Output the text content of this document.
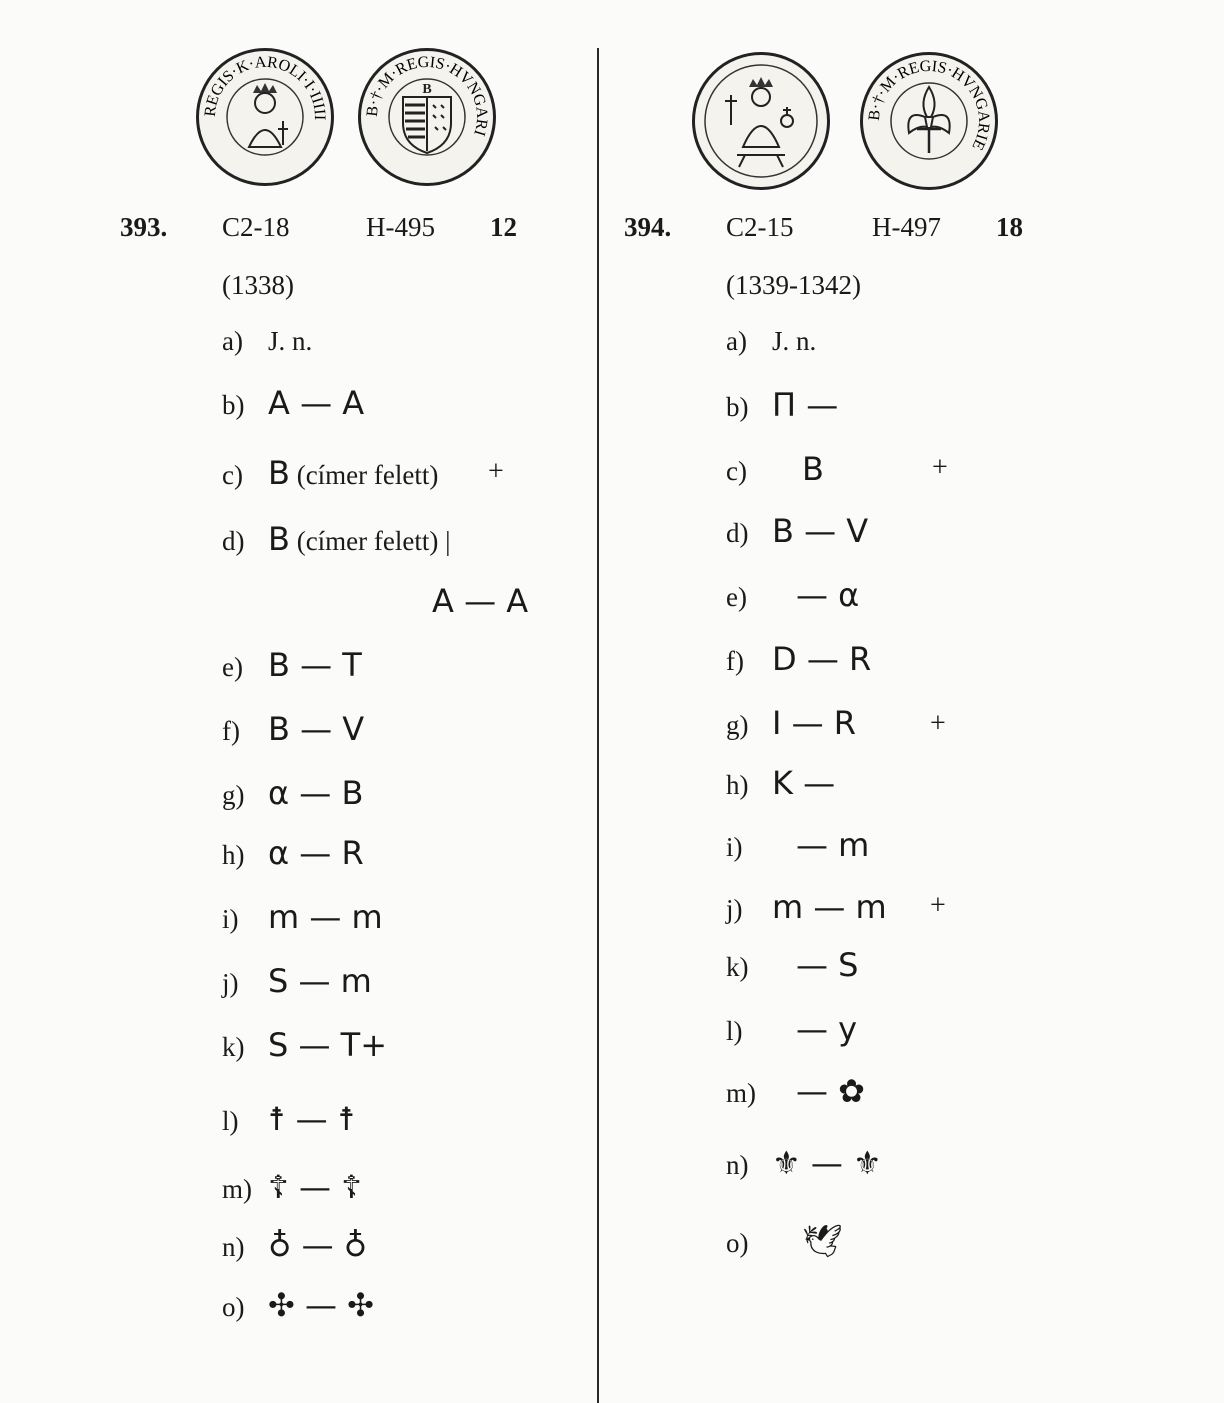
REGIS·K·AROLI·I·IIIII
B·†·M·REGIS·HVNGARI
B
393. C2-18	H-495 12
(1338)
a) J. n.
b) A — A
c) B (címer felett) +
d) B (címer felett) |
A — A
e) B — T
f) B — V
g) α — B
h) α — R
i) m — m
j) S — m
k) S — T+
l) ☨ — ☨
m) ☦ — ☦
n) ♁ — ♁
o) ✣ — ✣
B·†·M·REGIS·HVNGARIE
394. C2-15	H-497 18
(1339-1342)
a) J. n.
b) Π —
c) B	+
d) B — V
e) — α
f) D — R
g) I — R	+
h) K —
i) — m
j) m — m +
k) — S
l) — y
m) — ✿
n) ⚜ — ⚜
o) 🕊
